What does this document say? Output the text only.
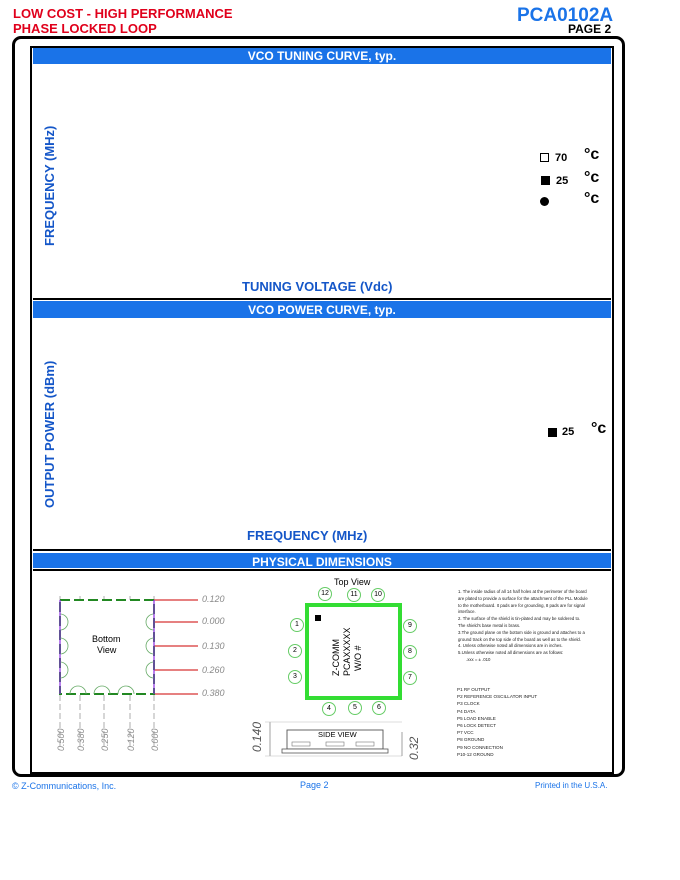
LOW COST - HIGH PERFORMANCE
PHASE LOCKED LOOP
PCA0102A
PAGE 2
VCO TUNING CURVE, typ.
FREQUENCY (MHz)
TUNING VOLTAGE (Vdc)
70 °c
25 °c
°c
VCO POWER CURVE, typ.
OUTPUT POWER (dBm)
FREQUENCY (MHz)
25 °c
PHYSICAL DIMENSIONS
Bottom
View
0.120
0.000
0.130
0.260
0.380
0.500 0.380 0.250 0.120 0.000
Top View
12	11	10
1
2
3
9
8
7
4	5	6
Z-COMM PCAXXXXX W/O #
SIDE VIEW
0.140	0.32
1. The inside radius of all 14 half holes at the perimeter of the board
are plated to provide a surface for the attachment of the PLL Module
to the motherboard. It pads are for grounding, 8 pads are for signal
interface.
2. The surface of the shield is tin-plated and may be soldered to.
The shield's base metal is brass.
3.The ground plane on the bottom side is ground and attaches to a
ground track on the top side of the board as well as to the shield.
4. Unless otherwise noted all dimensions are in inches.
5.Unless otherwise noted all dimensions are as follows:
.xxx = ± .010
P1 RF OUTPUT
P2 REFERENCE OSCILLATOR INPUT
P3 CLOCK
P4 DATA
P5 LOAD ENABLE
P6 LOCK DETECT
P7 VCC
P8 GROUND
P9 NO CONNECTION
P10-12 GROUND
© Z-Communications, Inc.	Page 2	Printed in the U.S.A.
